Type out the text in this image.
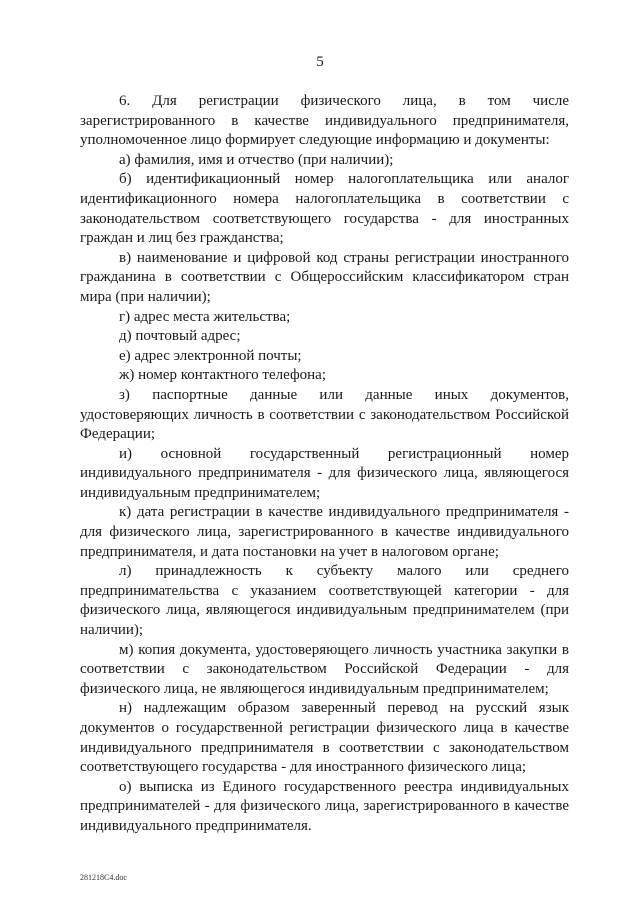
5

6. Для регистрации физического лица, в том числе зарегистрированного в качестве индивидуального предпринимателя, уполномоченное лицо формирует следующие информацию и документы:

а) фамилия, имя и отчество (при наличии);

б) идентификационный номер налогоплательщика или аналог идентификационного номера налогоплательщика в соответствии с законодательством соответствующего государства - для иностранных граждан и лиц без гражданства;

в) наименование и цифровой код страны регистрации иностранного гражданина в соответствии с Общероссийским классификатором стран мира (при наличии);

г) адрес места жительства;

д) почтовый адрес;

е) адрес электронной почты;

ж) номер контактного телефона;

з) паспортные данные или данные иных документов, удостоверяющих личность в соответствии с законодательством Российской Федерации;

и) основной государственный регистрационный номер индивидуального предпринимателя - для физического лица, являющегося индивидуальным предпринимателем;

к) дата регистрации в качестве индивидуального предпринимателя - для физического лица, зарегистрированного в качестве индивидуального предпринимателя, и дата постановки на учет в налоговом органе;

л) принадлежность к субъекту малого или среднего предпринимательства с указанием соответствующей категории - для физического лица, являющегося индивидуальным предпринимателем (при наличии);

м) копия документа, удостоверяющего личность участника закупки в соответствии с законодательством Российской Федерации - для физического лица, не являющегося индивидуальным предпринимателем;

н) надлежащим образом заверенный перевод на русский язык документов о государственной регистрации физического лица в качестве индивидуального предпринимателя в соответствии с законодательством соответствующего государства - для иностранного физического лица;

о) выписка из Единого государственного реестра индивидуальных предпринимателей - для физического лица, зарегистрированного в качестве индивидуального предпринимателя.

281218С4.doc
